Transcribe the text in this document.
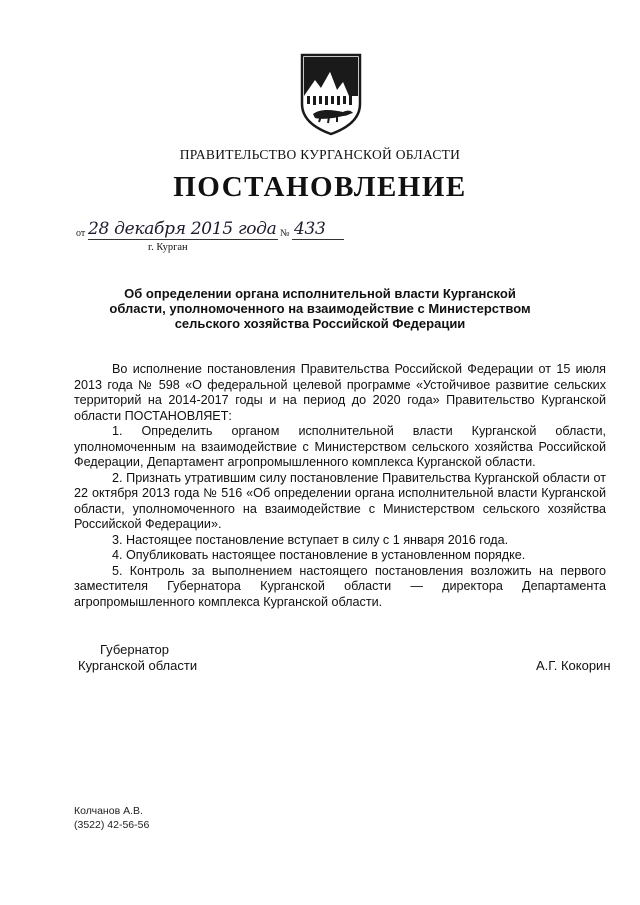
ПРАВИТЕЛЬСТВО КУРГАНСКОЙ ОБЛАСТИ
ПОСТАНОВЛЕНИЕ
от 28 декабря 2015 года № 433
г. Курган
Об определении органа исполнительной власти Курганской области, уполномоченного на взаимодействие с Министерством сельского хозяйства Российской Федерации

Во исполнение постановления Правительства Российской Федерации от 15 июля 2013 года № 598 «О федеральной целевой программе «Устойчивое развитие сельских территорий на 2014-2017 годы и на период до 2020 года» Правительство Курганской области ПОСТАНОВЛЯЕТ:

1. Определить органом исполнительной власти Курганской области, уполномоченным на взаимодействие с Министерством сельского хозяйства Российской Федерации, Департамент агропромышленного комплекса Курганской области.

2. Признать утратившим силу постановление Правительства Курганской области от 22 октября 2013 года № 516 «Об определении органа исполнительной власти Курганской области, уполномоченного на взаимодействие с Министерством сельского хозяйства Российской Федерации».

3. Настоящее постановление вступает в силу с 1 января 2016 года.

4. Опубликовать настоящее постановление в установленном порядке.

5. Контроль за выполнением настоящего постановления возложить на первого заместителя Губернатора Курганской области — директора Департамента агропромышленного комплекса Курганской области.

Губернатор
Курганской области	А.Г. Кокорин
Колчанов А.В.
(3522) 42-56-56
